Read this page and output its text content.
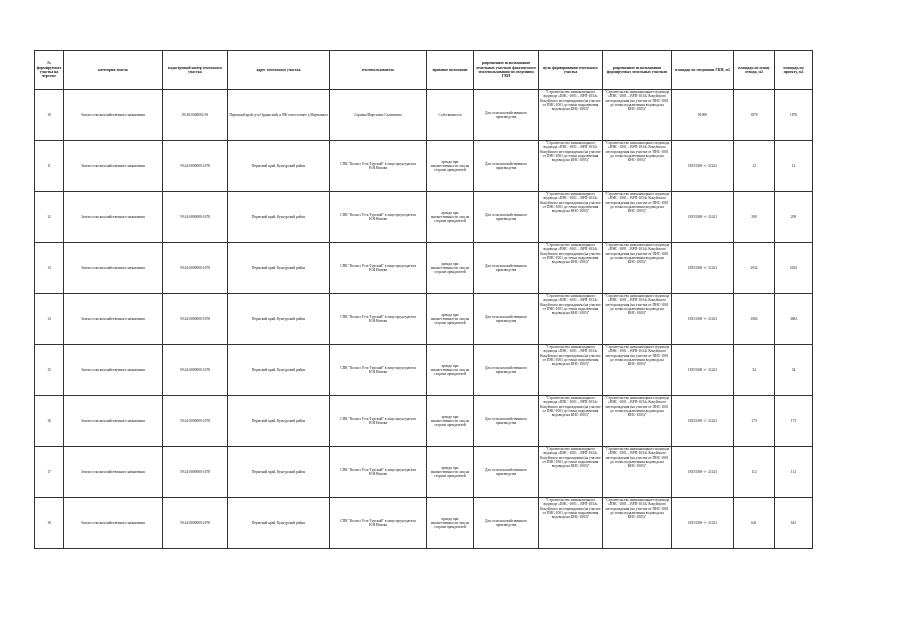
№ формируемого участка на чертеже	категория земель	кадастровый номер земельного участка	адрес земельного участка	землепользователь	правовое положение	разрешенное использование земельных участков фактического землепользования по сведениям ГКН	цель формирования земельного участка	разрешенное использование формируемых земельных участков	площадь по сведениям ГКН, м2	площадь по плану отвода, м2	площадь по проекту, м2
10	Земли сельскохозяйственного назначения	59:28:0300002:93	Пермский край, р-н Ординский, в 800 м восточнее д Мартынята	Гаршин Мирсалим Салимович	Собственность	Для сельскохозяйственного производства	"Строительство низконапорного водовода «ПНС -1001 – ВРП-1034» Кокуйского месторождения (на участке от ПНС-1001 до точки подключения водовода на КНС-1003)"	"Строительство низконапорного водовода «ПНС -1001 – ВРП-1034» Кокуйского месторождения (на участке от ПНС-1001 до точки подключения водовода на КНС-1003)"	81000	1876	1876
11	Земли сельскохозяйственного назначения	59:24:0000000:1678	Пермский край, Кунгурский район	СПК "Колхоз Усть-Турский" в лице председателя Н.Н.Низова	аренда при множественности лиц на стороне арендателей	Для сельскохозяйственного производства	"Строительство низконапорного водовода «ПНС -1001 – ВРП-1034» Кокуйского месторождения (на участке от ПНС-1001 до точки подключения водовода на КНС-1003)"	"Строительство низконапорного водовода «ПНС -1001 – ВРП-1034» Кокуйского месторождения (на участке от ПНС-1001 до точки подключения водовода на КНС-1003)"	18353369 +/- 21421	12	12
12	Земли сельскохозяйственного назначения	59:24:0000000:1678	Пермский край, Кунгурский район	СПК "Колхоз Усть-Турский" в лице председателя Н.Н.Низова	аренда при множественности лиц на стороне арендателей	Для сельскохозяйственного производства	"Строительство низконапорного водовода «ПНС -1001 – ВРП-1034» Кокуйского месторождения (на участке от ПНС-1001 до точки подключения водовода на КНС-1003)"	"Строительство низконапорного водовода «ПНС -1001 – ВРП-1034» Кокуйского месторождения (на участке от ПНС-1001 до точки подключения водовода на КНС-1003)"	18353369 +/- 21421	209	209
13	Земли сельскохозяйственного назначения	59:24:0000000:1678	Пермский край, Кунгурский район	СПК "Колхоз Усть-Турский" в лице председателя Н.Н.Низова	аренда при множественности лиц на стороне арендателей	Для сельскохозяйственного производства	"Строительство низконапорного водовода «ПНС -1001 – ВРП-1034» Кокуйского месторождения (на участке от ПНС-1001 до точки подключения водовода на КНС-1003)"	"Строительство низконапорного водовода «ПНС -1001 – ВРП-1034» Кокуйского месторождения (на участке от ПНС-1001 до точки подключения водовода на КНС-1003)"	18353369 +/- 21421	2032	2032
14	Земли сельскохозяйственного назначения	59:24:0000000:1678	Пермский край, Кунгурский район	СПК "Колхоз Усть-Турский" в лице председателя Н.Н.Низова	аренда при множественности лиц на стороне арендателей	Для сельскохозяйственного производства	"Строительство низконапорного водовода «ПНС -1001 – ВРП-1034» Кокуйского месторождения (на участке от ПНС-1001 до точки подключения водовода на КНС-1003)"	"Строительство низконапорного водовода «ПНС -1001 – ВРП-1034» Кокуйского месторождения (на участке от ПНС-1001 до точки подключения водовода на КНС-1003)"	18353369 +/- 21421	3682	3682
15	Земли сельскохозяйственного назначения	59:24:0000000:1678	Пермский край, Кунгурский район	СПК "Колхоз Усть-Турский" в лице председателя Н.Н.Низова	аренда при множественности лиц на стороне арендателей	Для сельскохозяйственного производства	"Строительство низконапорного водовода «ПНС -1001 – ВРП-1034» Кокуйского месторождения (на участке от ПНС-1001 до точки подключения водовода на КНС-1003)"	"Строительство низконапорного водовода «ПНС -1001 – ВРП-1034» Кокуйского месторождения (на участке от ПНС-1001 до точки подключения водовода на КНС-1003)"	18353369 +/- 21421	34	34
16	Земли сельскохозяйственного назначения	59:24:0000000:1678	Пермский край, Кунгурский район	СПК "Колхоз Усть-Турский" в лице председателя Н.Н.Низова	аренда при множественности лиц на стороне арендателей	Для сельскохозяйственного производства	"Строительство низконапорного водовода «ПНС -1001 – ВРП-1034» Кокуйского месторождения (на участке от ПНС-1001 до точки подключения водовода на КНС-1003)"	"Строительство низконапорного водовода «ПНС -1001 – ВРП-1034» Кокуйского месторождения (на участке от ПНС-1001 до точки подключения водовода на КНС-1003)"	18353369 +/- 21421	173	173
17	Земли сельскохозяйственного назначения	59:24:0000000:1678	Пермский край, Кунгурский район	СПК "Колхоз Усть-Турский" в лице председателя Н.Н.Низова	аренда при множественности лиц на стороне арендателей	Для сельскохозяйственного производства	"Строительство низконапорного водовода «ПНС -1001 – ВРП-1034» Кокуйского месторождения (на участке от ПНС-1001 до точки подключения водовода на КНС-1003)"	"Строительство низконапорного водовода «ПНС -1001 – ВРП-1034» Кокуйского месторождения (на участке от ПНС-1001 до точки подключения водовода на КНС-1003)"	18353369 +/- 21421	112	112
18	Земли сельскохозяйственного назначения	59:24:0000000:1678	Пермский край, Кунгурский район	СПК "Колхоз Усть-Турский" в лице председателя Н.Н.Низова	аренда при множественности лиц на стороне арендателей	Для сельскохозяйственного производства	"Строительство низконапорного водовода «ПНС -1001 – ВРП-1034» Кокуйского месторождения (на участке от ПНС-1001 до точки подключения водовода на КНС-1003)"	"Строительство низконапорного водовода «ПНС -1001 – ВРП-1034» Кокуйского месторождения (на участке от ПНС-1001 до точки подключения водовода на КНС-1003)"	18353369 +/- 21421	641	641
